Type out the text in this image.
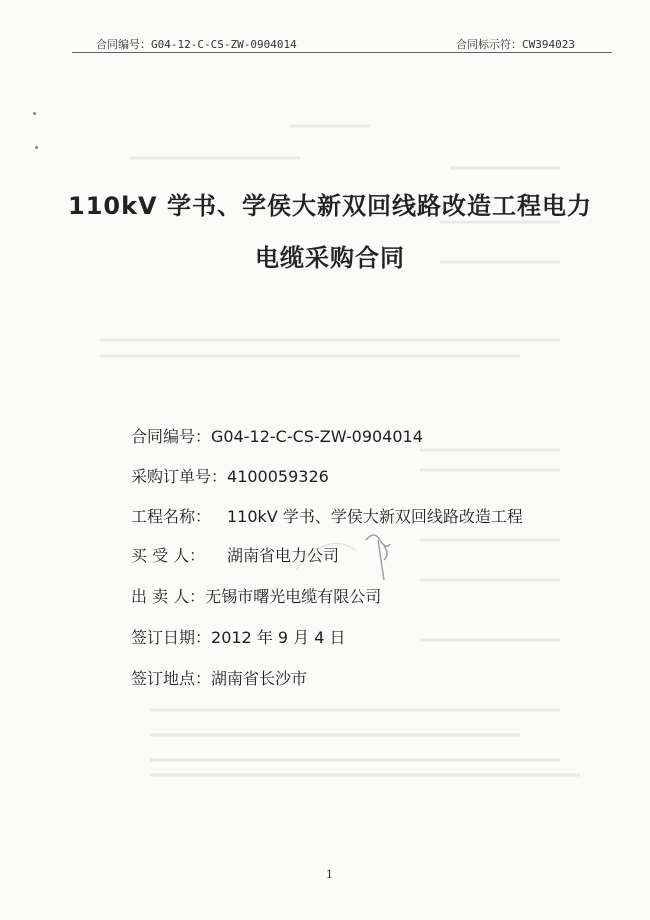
合同编号：G04-12-C-CS-ZW-0904014	合同标示符：CW394023
110kV 学书、学侯大新双回线路改造工程电力
电缆采购合同
合同编号：G04-12-C-CS-ZW-0904014
采购订单号：4100059326
工程名称： 110kV 学书、学侯大新双回线路改造工程
买 受 人： 湖南省电力公司
出 卖 人：无锡市曙光电缆有限公司
签订日期：2012 年 9 月 4 日
签订地点：湖南省长沙市
1
